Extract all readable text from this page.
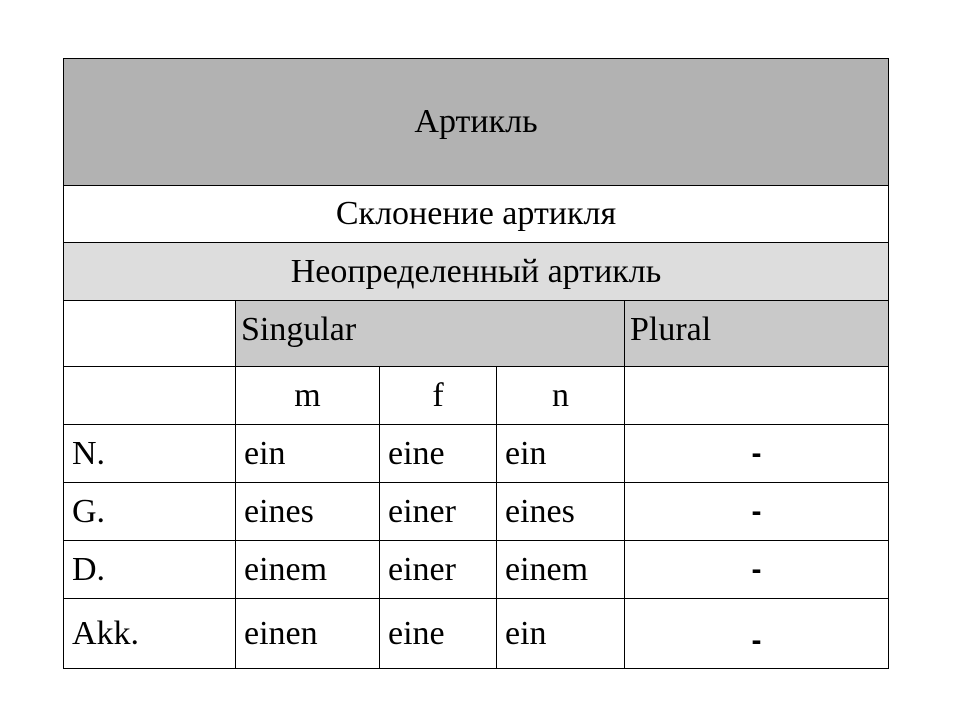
Артикль				
Склонение артикля				
Неопределенный артикль				
	Singular			Plural
	m	f	n	
N.	ein	eine	ein	-
G.	eines	einer	eines	-
D.	einem	einer	einem	-
Akk.	einen	eine	ein	-
